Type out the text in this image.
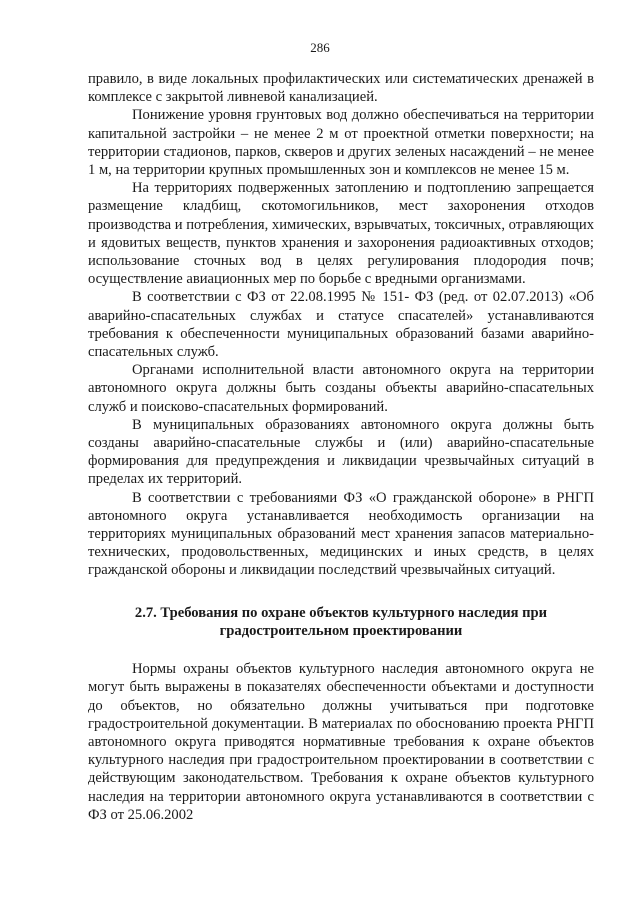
286

правило, в виде локальных профилактических или систематических дренажей в комплексе с закрытой ливневой канализацией.

Понижение уровня грунтовых вод должно обеспечиваться на территории капитальной застройки – не менее 2 м от проектной отметки поверхности; на территории стадионов, парков, скверов и других зеленых насаждений – не менее 1 м, на территории крупных промышленных зон и комплексов не менее 15 м.

На территориях подверженных затоплению и подтоплению запрещается размещение кладбищ, скотомогильников, мест захоронения отходов производства и потребления, химических, взрывчатых, токсичных, отравляющих и ядовитых веществ, пунктов хранения и захоронения радиоактивных отходов; использование сточных вод в целях регулирования плодородия почв; осуществление авиационных мер по борьбе с вредными организмами.

В соответствии с ФЗ от 22.08.1995 № 151- ФЗ (ред. от 02.07.2013) «Об аварийно-спасательных службах и статусе спасателей» устанавливаются требования к обеспеченности муниципальных образований базами аварийно-спасательных служб.

Органами исполнительной власти автономного округа на территории автономного округа должны быть созданы объекты аварийно-спасательных служб и поисково-спасательных формирований.

В муниципальных образованиях автономного округа должны быть созданы аварийно-спасательные службы и (или) аварийно-спасательные формирования для предупреждения и ликвидации чрезвычайных ситуаций в пределах их территорий.

В соответствии с требованиями ФЗ «О гражданской обороне» в РНГП автономного округа устанавливается необходимость организации на территориях муниципальных образований мест хранения запасов материально-технических, продовольственных, медицинских и иных средств, в целях гражданской обороны и ликвидации последствий чрезвычайных ситуаций.

2.7. Требования по охране объектов культурного наследия при
градостроительном проектировании

Нормы охраны объектов культурного наследия автономного округа не могут быть выражены в показателях обеспеченности объектами и доступности до объектов, но обязательно должны учитываться при подготовке градостроительной документации. В материалах по обоснованию проекта РНГП автономного округа приводятся нормативные требования к охране объектов культурного наследия при градостроительном проектировании в соответствии с действующим законодательством. Требования к охране объектов культурного наследия на территории автономного округа устанавливаются в соответствии с ФЗ от 25.06.2002
